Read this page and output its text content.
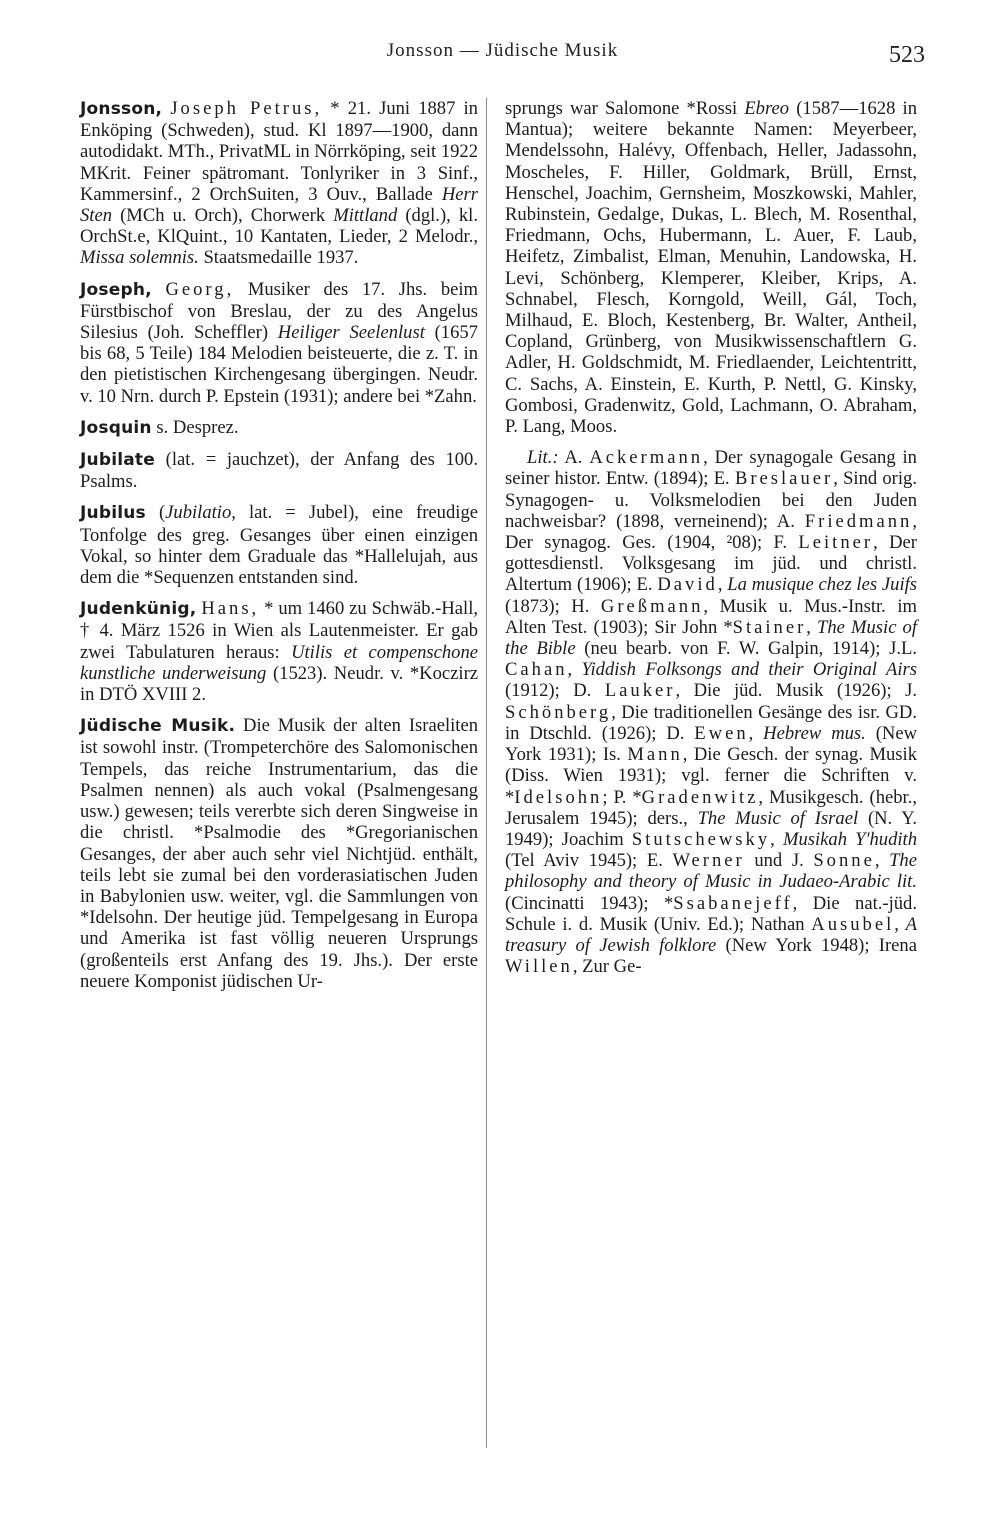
Jonsson — Jüdische Musik	523

Jonsson, Joseph Petrus, * 21. Juni 1887 in Enköping (Schweden), stud. Kl 1897—1900, dann autodidakt. MTh., PrivatML in Nörrköping, seit 1922 MKrit. Feiner spätromant. Tonlyriker in 3 Sinf., Kammersinf., 2 OrchSuiten, 3 Ouv., Ballade Herr Sten (MCh u. Orch), Chorwerk Mittland (dgl.), kl. OrchSt.e, KlQuint., 10 Kantaten, Lieder, 2 Melodr., Missa solemnis. Staatsmedaille 1937.

Joseph, Georg, Musiker des 17. Jhs. beim Fürstbischof von Breslau, der zu des Angelus Silesius (Joh. Scheffler) Heiliger Seelenlust (1657 bis 68, 5 Teile) 184 Melodien beisteuerte, die z. T. in den pietistischen Kirchengesang übergingen. Neudr. v. 10 Nrn. durch P. Epstein (1931); andere bei *Zahn.

Josquin s. Desprez.

Jubilate (lat. = jauchzet), der Anfang des 100. Psalms.

Jubilus (Jubilatio, lat. = Jubel), eine freudige Tonfolge des greg. Gesanges über einen einzigen Vokal, so hinter dem Graduale das *Hallelujah, aus dem die *Sequenzen entstanden sind.

Judenkünig, Hans, * um 1460 zu Schwäb.-Hall, † 4. März 1526 in Wien als Lautenmeister. Er gab zwei Tabulaturen heraus: Utilis et compenschone kunstliche underweisung (1523). Neudr. v. *Koczirz in DTÖ XVIII 2.

Jüdische Musik. Die Musik der alten Israeliten ist sowohl instr. (Trompeterchöre des Salomonischen Tempels, das reiche Instrumentarium, das die Psalmen nennen) als auch vokal (Psalmengesang usw.) gewesen; teils vererbte sich deren Singweise in die christl. *Psalmodie des *Gregorianischen Gesanges, der aber auch sehr viel Nichtjüd. enthält, teils lebt sie zumal bei den vorderasiatischen Juden in Babylonien usw. weiter, vgl. die Sammlungen von *Idelsohn. Der heutige jüd. Tempelgesang in Europa und Amerika ist fast völlig neueren Ursprungs (großenteils erst Anfang des 19. Jhs.). Der erste neuere Komponist jüdischen Ur-

sprungs war Salomone *Rossi Ebreo (1587—1628 in Mantua); weitere bekannte Namen: Meyerbeer, Mendelssohn, Halévy, Offenbach, Heller, Jadassohn, Moscheles, F. Hiller, Goldmark, Brüll, Ernst, Henschel, Joachim, Gernsheim, Moszkowski, Mahler, Rubinstein, Gedalge, Dukas, L. Blech, M. Rosenthal, Friedmann, Ochs, Hubermann, L. Auer, F. Laub, Heifetz, Zimbalist, Elman, Menuhin, Landowska, H. Levi, Schönberg, Klemperer, Kleiber, Krips, A. Schnabel, Flesch, Korngold, Weill, Gál, Toch, Milhaud, E. Bloch, Kestenberg, Br. Walter, Antheil, Copland, Grünberg, von Musikwissenschaftlern G. Adler, H. Goldschmidt, M. Friedlaender, Leichtentritt, C. Sachs, A. Einstein, E. Kurth, P. Nettl, G. Kinsky, Gombosi, Gradenwitz, Gold, Lachmann, O. Abraham, P. Lang, Moos.

Lit.: A. Ackermann, Der synagogale Gesang in seiner histor. Entw. (1894); E. Breslauer, Sind orig. Synagogen- u. Volksmelodien bei den Juden nachweisbar? (1898, verneinend); A. Friedmann, Der synagog. Ges. (1904, ²08); F. Leitner, Der gottesdienstl. Volksgesang im jüd. und christl. Altertum (1906); E. David, La musique chez les Juifs (1873); H. Greßmann, Musik u. Mus.-Instr. im Alten Test. (1903); Sir John *Stainer, The Music of the Bible (neu bearb. von F. W. Galpin, 1914); J.L. Cahan, Yiddish Folksongs and their Original Airs (1912); D. Lauker, Die jüd. Musik (1926); J. Schönberg, Die traditionellen Gesänge des isr. GD. in Dtschld. (1926); D. Ewen, Hebrew mus. (New York 1931); Is. Mann, Die Gesch. der synag. Musik (Diss. Wien 1931); vgl. ferner die Schriften v. *Idelsohn; P. *Gradenwitz, Musikgesch. (hebr., Jerusalem 1945); ders., The Music of Israel (N. Y. 1949); Joachim Stutschewsky, Musikah Y'hudith (Tel Aviv 1945); E. Werner und J. Sonne, The philosophy and theory of Music in Judaeo-Arabic lit. (Cincinatti 1943); *Ssabanejeff, Die nat.-jüd. Schule i. d. Musik (Univ. Ed.); Nathan Ausubel, A treasury of Jewish folklore (New York 1948); Irena Willen, Zur Ge-
